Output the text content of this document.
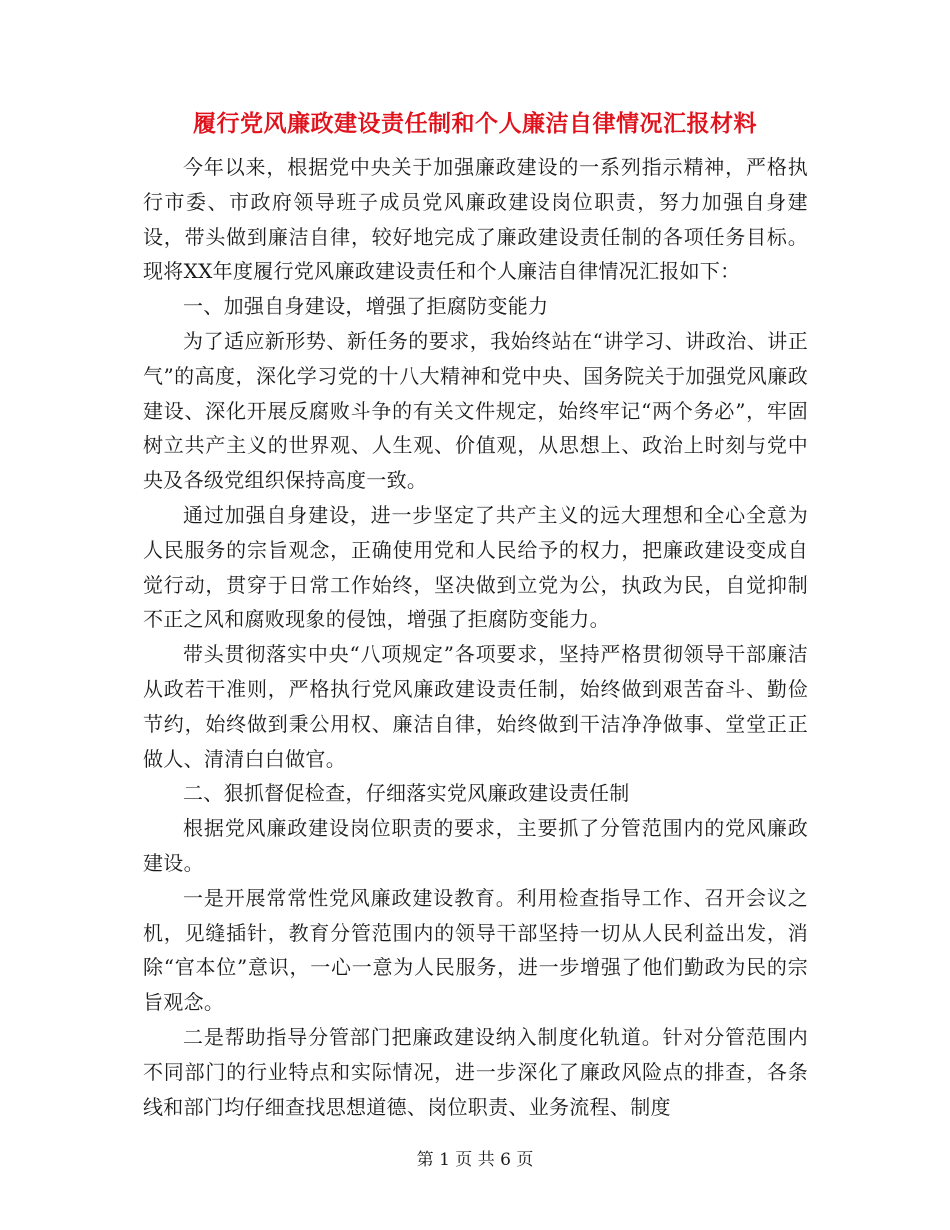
履行党风廉政建设责任制和个人廉洁自律情况汇报材料

今年以来，根据党中央关于加强廉政建设的一系列指示精神，严格执行市委、市政府领导班子成员党风廉政建设岗位职责，努力加强自身建设，带头做到廉洁自律，较好地完成了廉政建设责任制的各项任务目标。现将XX年度履行党风廉政建设责任和个人廉洁自律情况汇报如下：

一、加强自身建设，增强了拒腐防变能力

为了适应新形势、新任务的要求，我始终站在“讲学习、讲政治、讲正气”的高度，深化学习党的十八大精神和党中央、国务院关于加强党风廉政建设、深化开展反腐败斗争的有关文件规定，始终牢记“两个务必”，牢固树立共产主义的世界观、人生观、价值观，从思想上、政治上时刻与党中央及各级党组织保持高度一致。

通过加强自身建设，进一步坚定了共产主义的远大理想和全心全意为人民服务的宗旨观念，正确使用党和人民给予的权力，把廉政建设变成自觉行动，贯穿于日常工作始终，坚决做到立党为公，执政为民，自觉抑制不正之风和腐败现象的侵蚀，增强了拒腐防变能力。

带头贯彻落实中央“八项规定”各项要求，坚持严格贯彻领导干部廉洁从政若干准则，严格执行党风廉政建设责任制，始终做到艰苦奋斗、勤俭节约，始终做到秉公用权、廉洁自律，始终做到干洁净净做事、堂堂正正做人、清清白白做官。

二、狠抓督促检查，仔细落实党风廉政建设责任制

根据党风廉政建设岗位职责的要求，主要抓了分管范围内的党风廉政建设。

一是开展常常性党风廉政建设教育。利用检查指导工作、召开会议之机，见缝插针，教育分管范围内的领导干部坚持一切从人民利益出发，消除“官本位”意识，一心一意为人民服务，进一步增强了他们勤政为民的宗旨观念。

二是帮助指导分管部门把廉政建设纳入制度化轨道。针对分管范围内不同部门的行业特点和实际情况，进一步深化了廉政风险点的排查，各条线和部门均仔细查找思想道德、岗位职责、业务流程、制度

第 1 页 共 6 页
